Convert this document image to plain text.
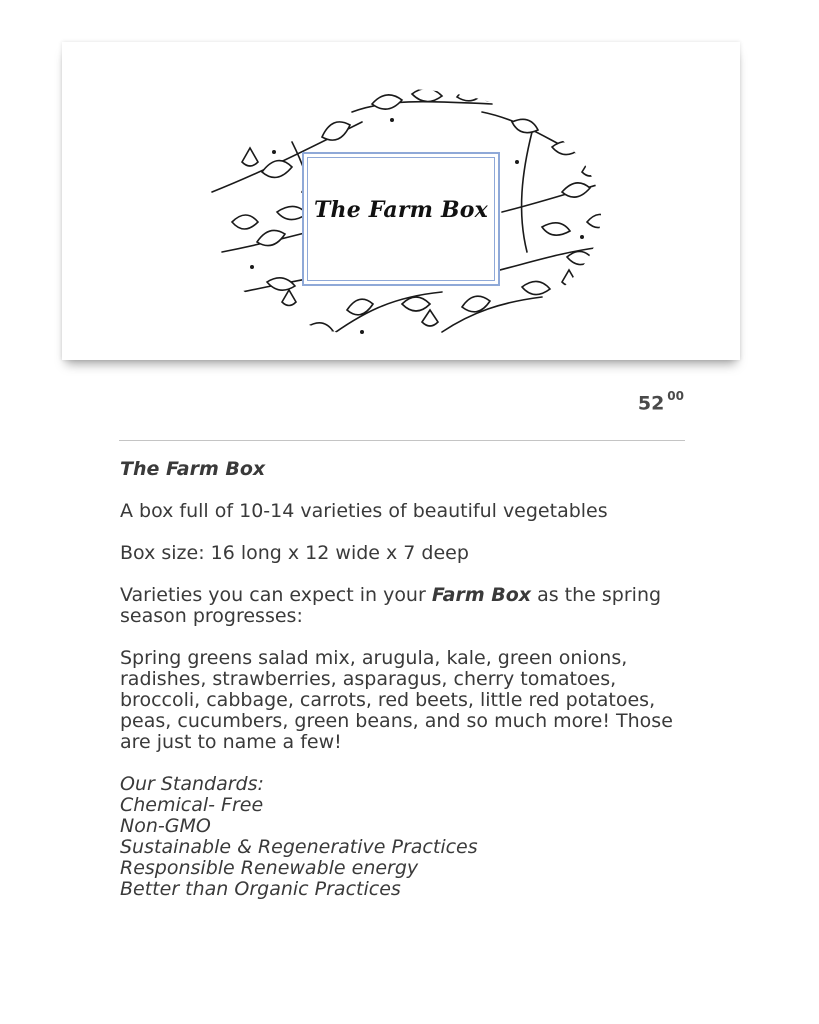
The Farm Box
52 $^{00}$

The Farm Box

A box full of 10-14 varieties of beautiful vegetables

Box size: 16 long x 12 wide x 7 deep

Varieties you can expect in your Farm Box as the spring season progresses:

Spring greens salad mix, arugula, kale, green onions, radishes, strawberries, asparagus, cherry tomatoes, broccoli, cabbage, carrots, red beets, little red potatoes, peas, cucumbers, green beans, and so much more! Those are just to name a few!

Our Standards:
Chemical- Free
Non-GMO
Sustainable & Regenerative Practices
Responsible Renewable energy
Better than Organic Practices
